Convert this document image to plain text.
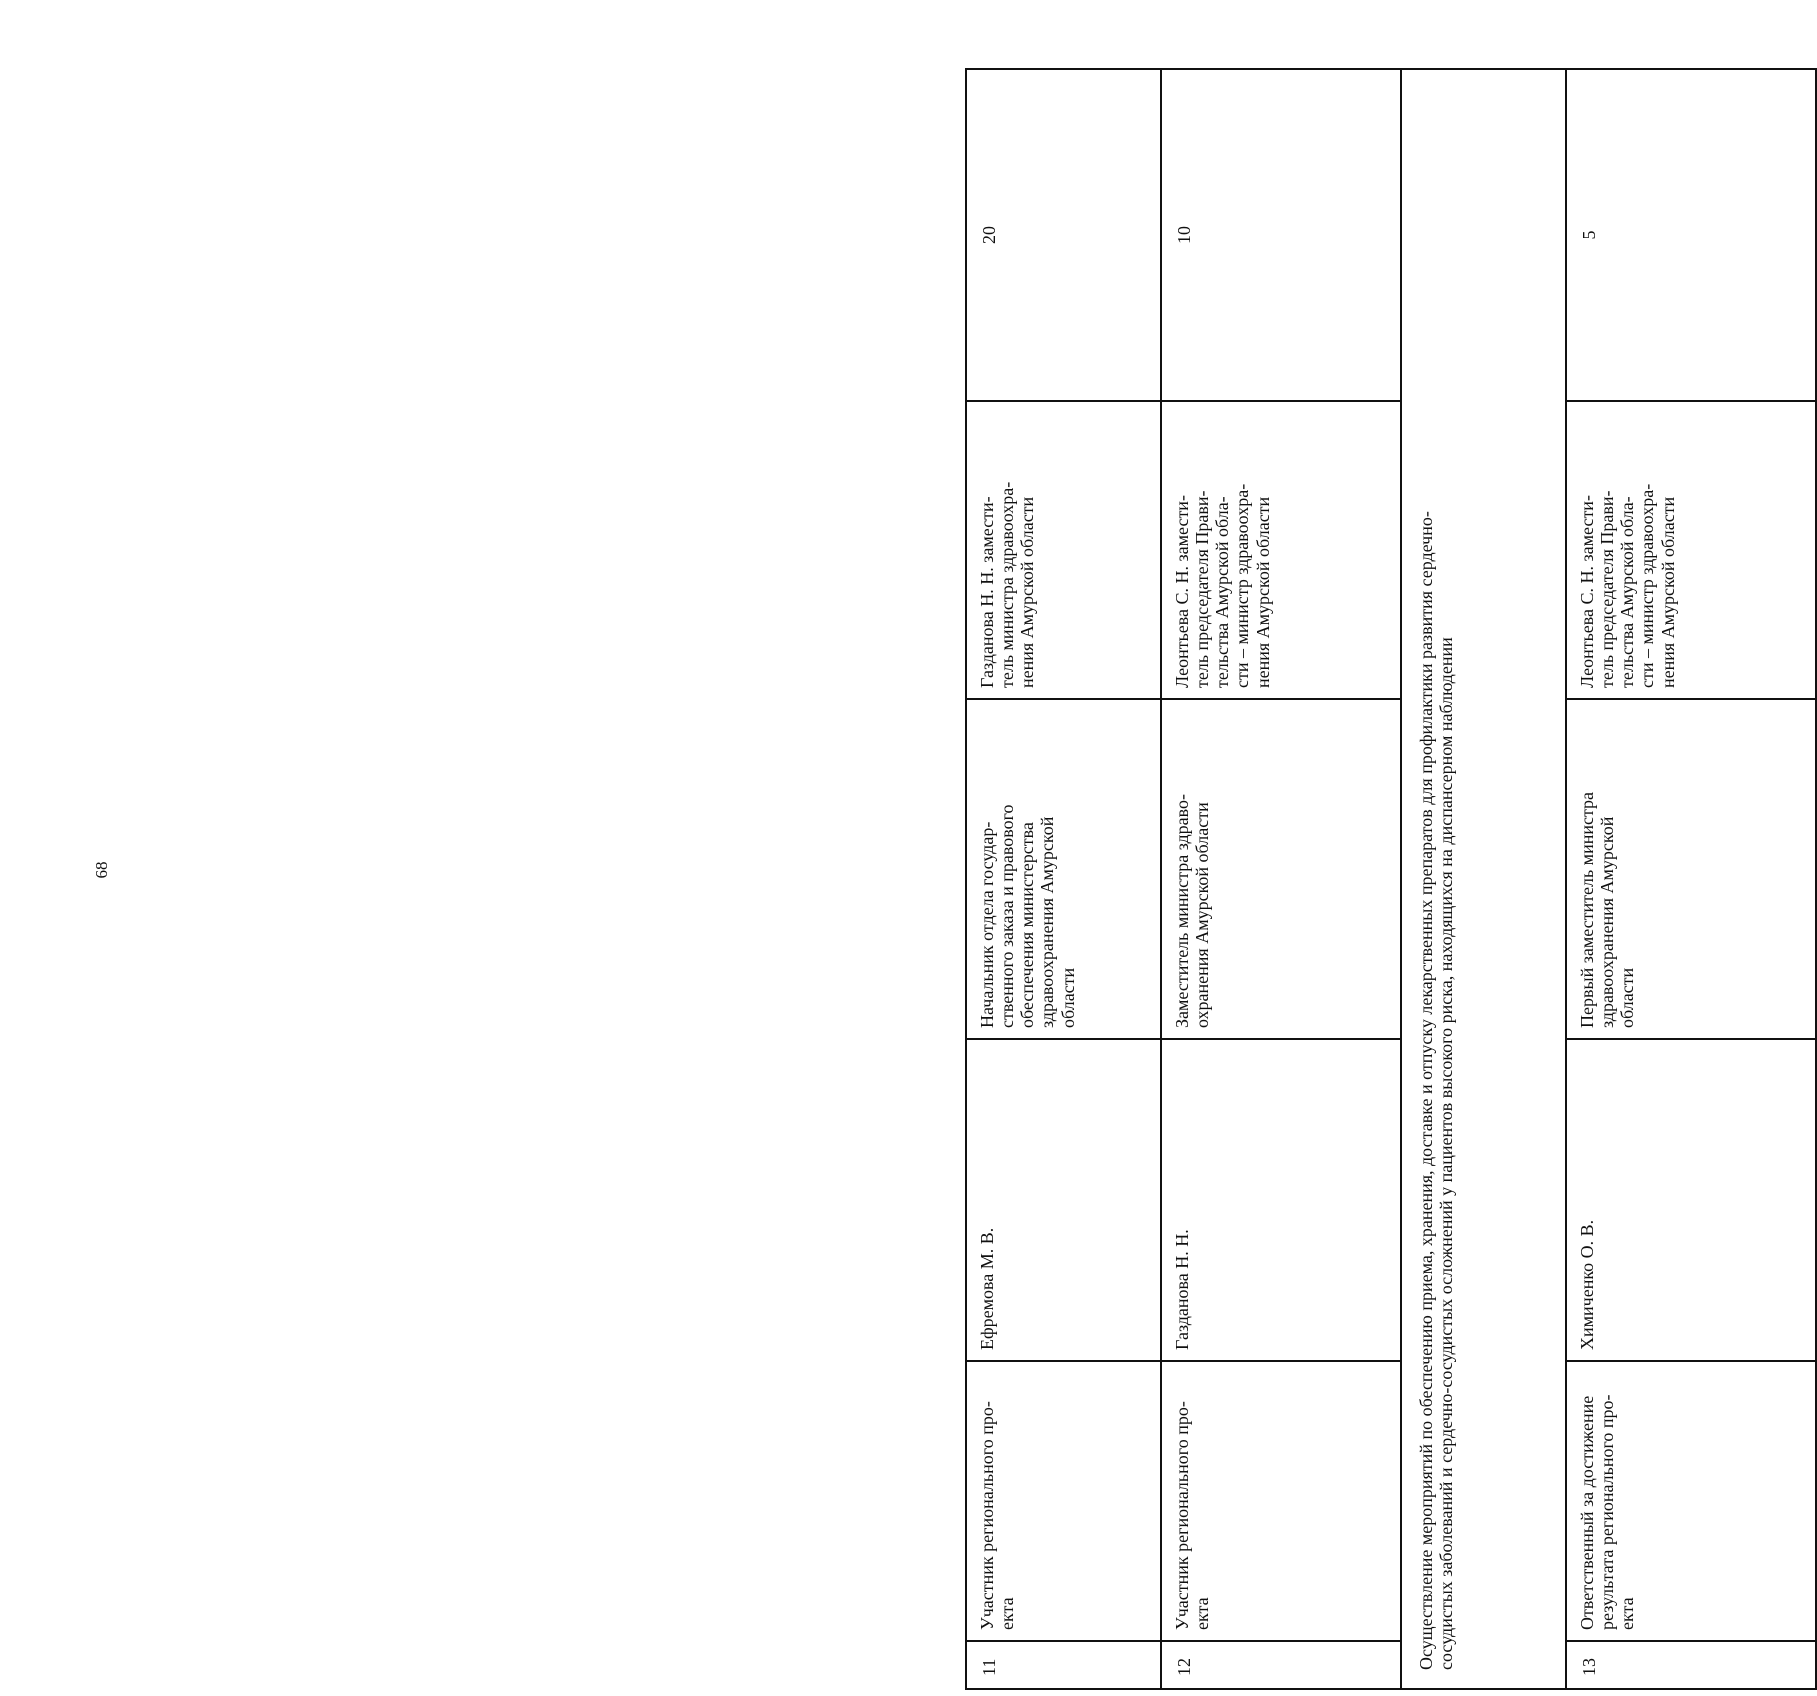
68
11	Участник регионального про-
екта	Ефремова М. В.	Начальник отдела государ-
ственного заказа и правового
обеспечения министерства
здравоохранения Амурской
области	Газданова Н. Н. замести-
тель министра здравоохра-
нения Амурской области	20
12	Участник регионального про-
екта	Газданова Н. Н.	Заместитель министра здраво-
охранения Амурской области	Леонтьева С. Н. замести-
тель председателя Прави-
тельства Амурской обла-
сти – министр здравоохра-
нения Амурской области	10
Осуществление мероприятий по обеспечению приема, хранения, доставке и отпуску лекарственных препаратов для профилактики развития сердечно-
сосудистых заболеваний и сердечно-сосудистых осложнений у пациентов высокого риска, находящихся на диспансерном наблюдении					
13	Ответственный за достижение
результата регионального про-
екта	Химиченко О. В.	Первый заместитель министра
здравоохранения Амурской
области	Леонтьева С. Н. замести-
тель председателя Прави-
тельства Амурской обла-
сти – министр здравоохра-
нения Амурской области	5
